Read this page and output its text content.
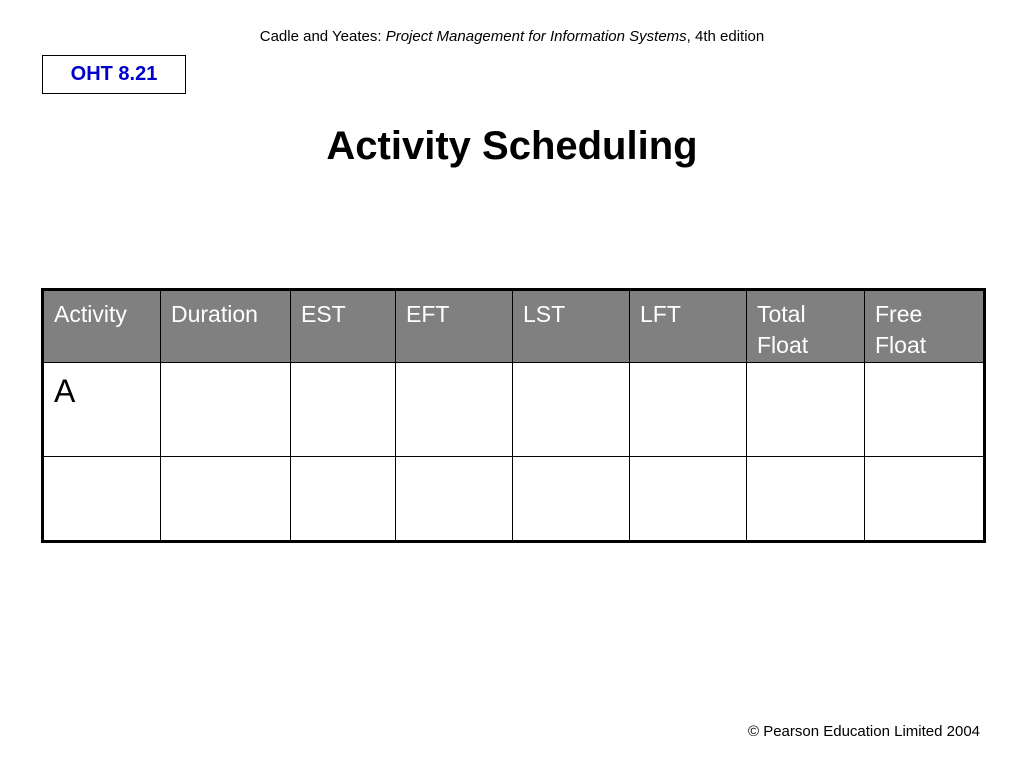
Cadle and Yeates: Project Management for Information Systems, 4th edition
OHT 8.21
Activity Scheduling
Activity	Duration	EST	EFT	LST	LFT	Total Float	Free Float
A							

© Pearson Education Limited 2004
